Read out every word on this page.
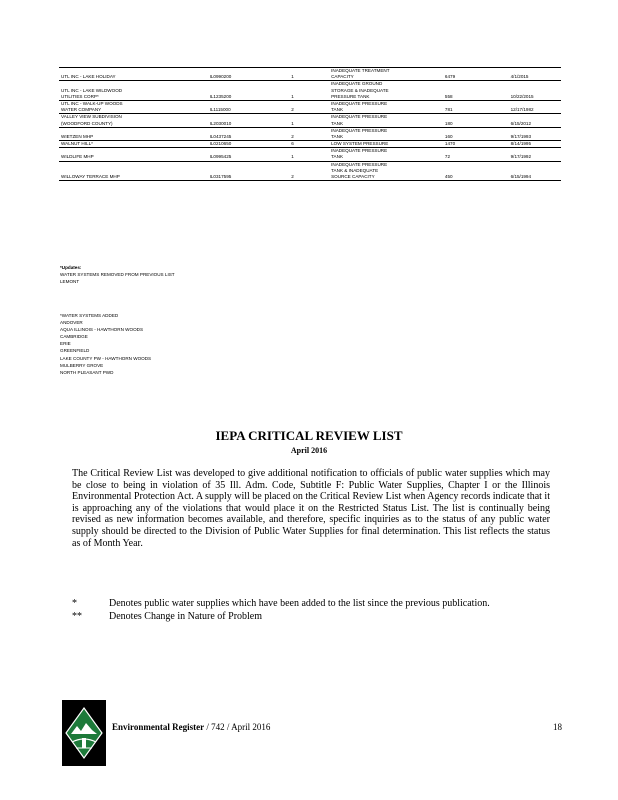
UTL INC - LAKE HOLIDAY	IL0990200	1		INADEQUATE TREATMENT
CAPACITY	6479	4/1/2015
UTL INC - LAKE WILDWOOD
UTILITIES CORP*	IL1235200	1		INADEQUATE GROUND
STORAGE & INADEQUATE
PRESSURE TANK	558	10/22/2015
UTL INC - WALK-UP WOODS
WATER COMPANY	IL1115000	2		INADEQUATE PRESSURE
TANK	781	12/17/1982
VALLEY VIEW SUBDIVISION
(WOODFORD COUNTY)	IL2030010	1		INADEQUATE PRESSURE
TANK	180	6/15/2012
WIETZEN MHP	IL0437245	2		INADEQUATE PRESSURE
TANK	160	9/17/1993
WALNUT HILL*	IL0210650	6		LOW SYSTEM PRESSURE	1470	8/14/1995
WILDLIFE MHP	IL0995425	1		INADEQUATE PRESSURE
TANK	72	9/17/1992
WILLOWAY TERRACE MHP	IL0317595	2		INADEQUATE PRESSURE
TANK & INADEQUATE
SOURCE CAPACITY	450	6/15/1994
*Updates:
WATER SYSTEMS REMOVED FROM PREVIOUS LIST
LEMONT
*WATER SYSTEMS ADDED
ANDOVER
AQUA ILLINOIS - HAWTHORN WOODS
CAMBRIDGE
ERIE
GREENFIELD
LAKE COUNTY PW - HAWTHORN WOODS
MULBERRY GROVE
NORTH PLEASANT PWD
IEPA CRITICAL REVIEW LIST
April 2016
The Critical Review List was developed to give additional notification to officials of public water supplies which may be close to being in violation of 35 Ill. Adm. Code, Subtitle F: Public Water Supplies, Chapter I or the Illinois Environmental Protection Act. A supply will be placed on the Critical Review List when Agency records indicate that it is approaching any of the violations that would place it on the Restricted Status List. The list is continually being revised as new information becomes available, and therefore, specific inquiries as to the status of any public water supply should be directed to the Division of Public Water Supplies for final determination. This list reflects the status as of Month Year.
*	Denotes public water supplies which have been added to the list since the previous publication.
**	Denotes Change in Nature of Problem
Environmental Register / 742 / April 2016	18
